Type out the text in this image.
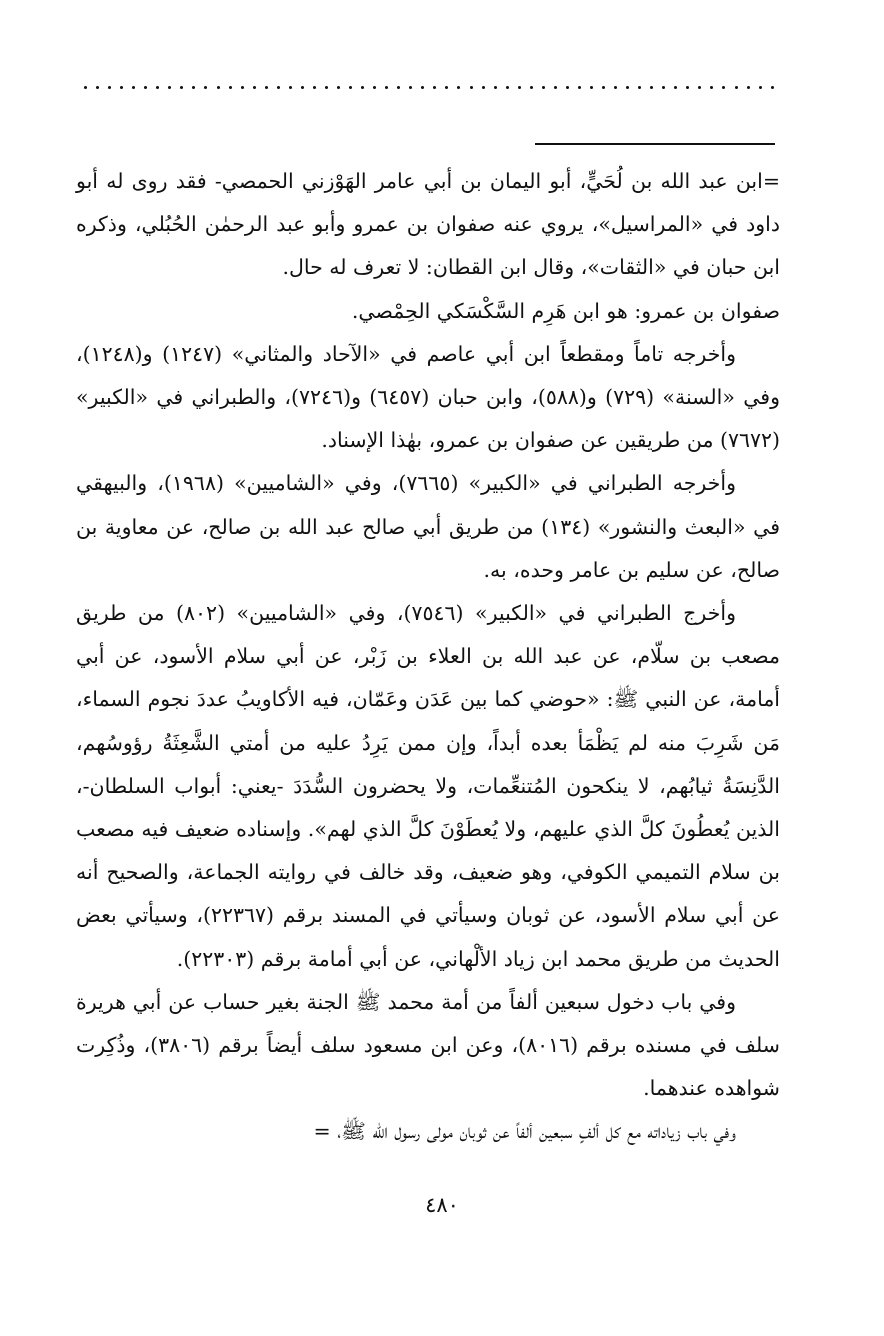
=ابن عبد الله بن لُحَيٍّ، أبو اليمان بن أبي عامر الهَوْزني الحمصي- فقد روى له أبو داود في «المراسيل»، يروي عنه صفوان بن عمرو وأبو عبد الرحمٰن الحُبُلي، وذكره ابن حبان في «الثقات»، وقال ابن القطان: لا تعرف له حال.

صفوان بن عمرو: هو ابن هَرِم السَّكْسَكي الحِمْصي.

وأخرجه تاماً ومقطعاً ابن أبي عاصم في «الآحاد والمثاني» (١٢٤٧) و(١٢٤٨)، وفي «السنة» (٧٢٩) و(٥٨٨)، وابن حبان (٦٤٥٧) و(٧٢٤٦)، والطبراني في «الكبير» (٧٦٧٢) من طريقين عن صفوان بن عمرو، بهٰذا الإسناد.

وأخرجه الطبراني في «الكبير» (٧٦٦٥)، وفي «الشاميين» (١٩٦٨)، والبيهقي في «البعث والنشور» (١٣٤) من طريق أبي صالح عبد الله بن صالح، عن معاوية بن صالح، عن سليم بن عامر وحده، به.

وأخرج الطبراني في «الكبير» (٧٥٤٦)، وفي «الشاميين» (٨٠٢) من طريق مصعب بن سلّام، عن عبد الله بن العلاء بن زَبْر، عن أبي سلام الأسود، عن أبي أمامة، عن النبي ﷺ: «حوضي كما بين عَدَن وعَمّان، فيه الأكاويبُ عددَ نجوم السماء، مَن شَرِبَ منه لم يَظْمَأ بعده أبداً، وإن ممن يَرِدُ عليه من أمتي الشَّعِثَةُ رؤوسُهم، الدَّنِسَةُ ثيابُهم، لا ينكحون المُتنعِّمات، ولا يحضرون السُّدَدَ -يعني: أبواب السلطان-، الذين يُعطُونَ كلَّ الذي عليهم، ولا يُعطَوْنَ كلَّ الذي لهم». وإسناده ضعيف فيه مصعب بن سلام التميمي الكوفي، وهو ضعيف، وقد خالف في روايته الجماعة، والصحيح أنه عن أبي سلام الأسود، عن ثوبان وسيأتي في المسند برقم (٢٢٣٦٧)، وسيأتي بعض الحديث من طريق محمد ابن زياد الألْهاني، عن أبي أمامة برقم (٢٢٣٠٣).

وفي باب دخول سبعين ألفاً من أمة محمد ﷺ الجنة بغير حساب عن أبي هريرة سلف في مسنده برقم (٨٠١٦)، وعن ابن مسعود سلف أيضاً برقم (٣٨٠٦)، وذُكِرت شواهده عندهما.

وفي باب زياداته مع كل ألفٍ سبعين ألفاً عن ثوبان مولى رسول الله ﷺ، =

٤٨٠
